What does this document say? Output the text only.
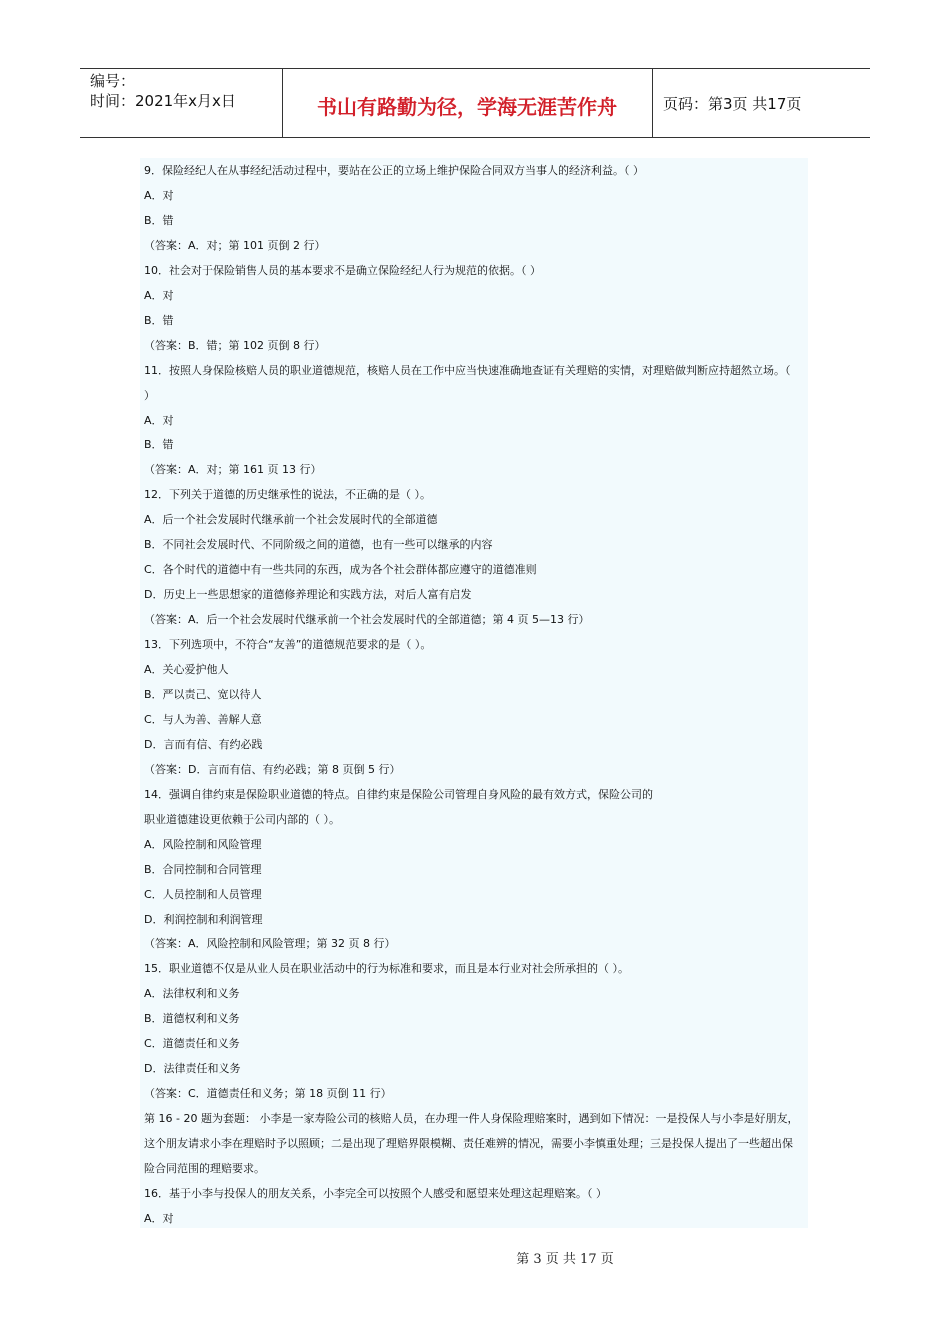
编号：
时间：2021年x月x日	书山有路勤为径，学海无涯苦作舟	页码：第3页 共17页
9．保险经纪人在从事经纪活动过程中，要站在公正的立场上维护保险合同双方当事人的经济利益。（ ）
A．对
B．错
（答案：A．对；第 101 页倒 2 行）
10．社会对于保险销售人员的基本要求不是确立保险经纪人行为规范的依据。（ ）
A．对
B．错
（答案：B．错；第 102 页倒 8 行）
11．按照人身保险核赔人员的职业道德规范，核赔人员在工作中应当快速准确地查证有关理赔的实情，对理赔做判断应持超然立场。（
）
A．对
B．错
（答案：A．对；第 161 页 13 行）
12．下列关于道德的历史继承性的说法，不正确的是（ ）。
A．后一个社会发展时代继承前一个社会发展时代的全部道德
B．不同社会发展时代、不同阶级之间的道德，也有一些可以继承的内容
C．各个时代的道德中有一些共同的东西，成为各个社会群体都应遵守的道德准则
D．历史上一些思想家的道德修养理论和实践方法，对后人富有启发
（答案：A．后一个社会发展时代继承前一个社会发展时代的全部道德；第 4 页 5—13 行）
13．下列选项中，不符合“友善”的道德规范要求的是（ ）。
A．关心爱护他人
B．严以责己、宽以待人
C．与人为善、善解人意
D．言而有信、有约必践
（答案：D．言而有信、有约必践；第 8 页倒 5 行）
14．强调自律约束是保险职业道德的特点。自律约束是保险公司管理自身风险的最有效方式，保险公司的
职业道德建设更依赖于公司内部的（ ）。
A．风险控制和风险管理
B．合同控制和合同管理
C．人员控制和人员管理
D．利润控制和利润管理
（答案：A．风险控制和风险管理；第 32 页 8 行）
15．职业道德不仅是从业人员在职业活动中的行为标准和要求，而且是本行业对社会所承担的（ ）。
A．法律权利和义务
B．道德权利和义务
C．道德责任和义务
D．法律责任和义务
（答案：C．道德责任和义务；第 18 页倒 11 行）
第 16 - 20 题为套题： 小李是一家寿险公司的核赔人员，在办理一件人身保险理赔案时，遇到如下情况：一是投保人与小李是好朋友，
这个朋友请求小李在理赔时予以照顾；二是出现了理赔界限模糊、责任难辨的情况，需要小李慎重处理；三是投保人提出了一些超出保
险合同范围的理赔要求。
16．基于小李与投保人的朋友关系，小李完全可以按照个人感受和愿望来处理这起理赔案。（ ）
A．对
第 3 页 共 17 页
